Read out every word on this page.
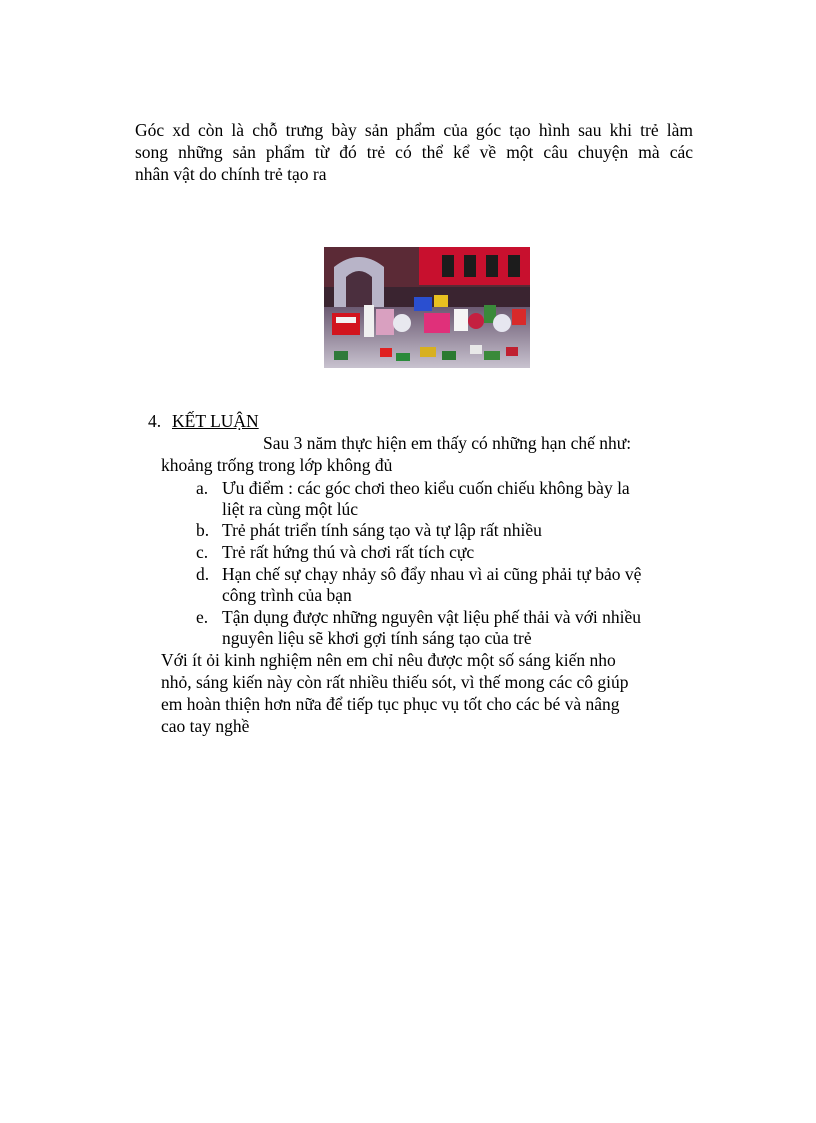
Góc xd còn là chỗ trưng bày sản phẩm của góc tạo hình sau khi trẻ làm
song những sản phẩm từ đó trẻ có thể kể về một câu chuyện mà các
nhân vật do chính trẻ tạo ra
4. KẾT LUẬN
Sau 3 năm thực hiện em thấy có những hạn chế như:
khoảng trống trong lớp không đủ
a. Ưu điểm : các góc chơi theo kiểu cuốn chiếu không bày la
liệt ra cùng một lúc
b. Trẻ phát triển tính sáng tạo và tự lập rất nhiều
c. Trẻ rất hứng thú và chơi rất tích cực
d. Hạn chế sự chạy nhảy sô đẩy nhau vì ai cũng phải tự bảo vệ
công trình của bạn
e. Tận dụng được những nguyên vật liệu phế thải và với nhiều
nguyên liệu sẽ khơi gợi tính sáng tạo của trẻ
Với ít ỏi kinh nghiệm nên em chỉ nêu được một số sáng kiến nho
nhỏ, sáng kiến này còn rất nhiều thiếu sót, vì thế mong các cô giúp
em hoàn thiện hơn nữa để tiếp tục phục vụ tốt cho các bé và nâng
cao tay nghề
